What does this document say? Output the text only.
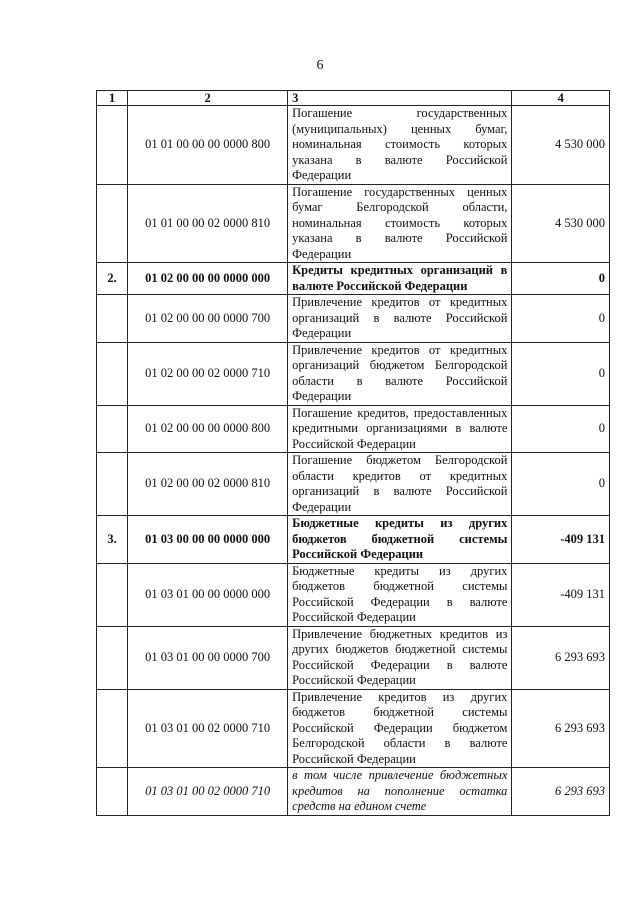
6
1	2	3	4
	01 01 00 00 00 0000 800	Погашение государственных (муниципальных) ценных бумаг, номинальная стоимость которых указана в валюте Российской Федерации	4 530 000
	01 01 00 00 02 0000 810	Погашение государственных ценных бумаг Белгородской области, номинальная стоимость которых указана в валюте Российской Федерации	4 530 000
2.	01 02 00 00 00 0000 000	Кредиты кредитных организаций в валюте Российской Федерации	0
	01 02 00 00 00 0000 700	Привлечение кредитов от кредитных организаций в валюте Российской Федерации	0
	01 02 00 00 02 0000 710	Привлечение кредитов от кредитных организаций бюджетом Белгородской области в валюте Российской Федерации	0
	01 02 00 00 00 0000 800	Погашение кредитов, предоставленных кредитными организациями в валюте Российской Федерации	0
	01 02 00 00 02 0000 810	Погашение бюджетом Белгородской области кредитов от кредитных организаций в валюте Российской Федерации	0
3.	01 03 00 00 00 0000 000	Бюджетные кредиты из других бюджетов бюджетной системы Российской Федерации	-409 131
	01 03 01 00 00 0000 000	Бюджетные кредиты из других бюджетов бюджетной системы Российской Федерации в валюте Российской Федерации	-409 131
	01 03 01 00 00 0000 700	Привлечение бюджетных кредитов из других бюджетов бюджетной системы Российской Федерации в валюте Российской Федерации	6 293 693
	01 03 01 00 02 0000 710	Привлечение кредитов из других бюджетов бюджетной системы Российской Федерации бюджетом Белгородской области в валюте Российской Федерации	6 293 693
	01 03 01 00 02 0000 710	в том числе привлечение бюджетных кредитов на пополнение остатка средств на едином счете	6 293 693
